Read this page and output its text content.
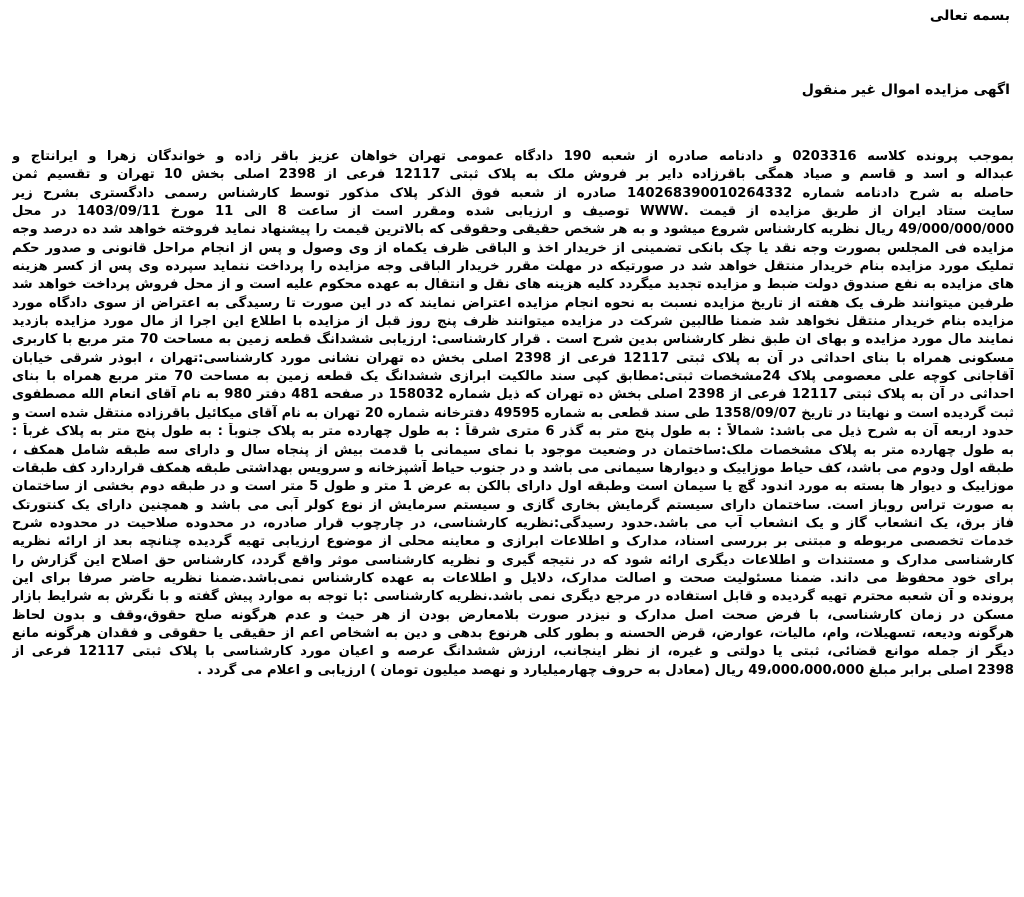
بسمه تعالی
اگهی مزایده اموال غیر منقول
بموجب پرونده کلاسه 0203316 و دادنامه صادره از شعبه 190 دادگاه عمومی تهران خواهان عزیز باقر زاده و خواندگان زهرا و ایرانتاج و
عبداله و اسد و قاسم و صیاد همگی باقرزاده دایر بر فروش ملک به پلاک ثبتی 12117 فرعی از 2398 اصلی بخش 10 تهران و تقسیم ثمن
حاصله به شرح دادنامه شماره 140268390010264332 صادره از شعبه فوق الذکر پلاک مذکور توسط کارشناس رسمی دادگستری بشرح زیر
سایت ستاد ایران از طریق مزایده از قیمت .WWW توصیف و ارزیابی شده ومقرر است از ساعت 8 الی 11 مورخ 1403/09/11 در محل
49/000/000/000 ریال نظریه کارشناس شروع میشود و به هر شخص حقیقی وحقوقی که بالاترین قیمت را پیشنهاد نماید فروخته خواهد شد ده درصد وجه
مزایده فی المجلس بصورت وجه نقد یا چک بانکی تضمینی از خریدار اخذ و الباقی ظرف یکماه از وی وصول و پس از انجام مراحل قانونی و صدور حکم
تملیک مورد مزایده بنام خریدار منتقل خواهد شد در صورتیکه در مهلت مقرر خریدار الباقی وجه مزایده را پرداخت ننماید سپرده وی پس از کسر هزینه
های مزایده به نفع صندوق دولت ضبط و مزایده تجدید میگردد کلیه هزینه های نقل و انتقال به عهده محکوم علیه است و از محل فروش پرداخت خواهد شد
طرفین میتوانند ظرف یک هفته از تاریخ مزایده نسبت به نحوه انجام مزایده اعتراض نمایند که در این صورت تا رسیدگی به اعتراض از سوی دادگاه مورد
مزایده بنام خریدار منتقل نخواهد شد ضمنا طالبین شرکت در مزایده میتوانند ظرف پنج روز قبل از مزایده با اطلاع این اجرا از مال مورد مزایده بازدید
نمایند مال مورد مزایده و بهای ان طبق نظر کارشناس بدین شرح است . قرار کارشناسی: ارزیابی ششدانگ قطعه زمین به مساحت 70 متر مربع با کاربری
مسکونی همراه با بنای احداثی در آن به پلاک ثبتی 12117 فرعی از 2398 اصلی بخش ده تهران نشانی مورد کارشناسی:تهران ، ابوذر شرقی خیابان
آقاجانی کوچه علی معصومی پلاک 24مشخصات ثبتی:مطابق کپی سند مالکیت ابرازی ششدانگ یک قطعه زمین به مساحت 70 متر مربع همراه با بنای
احداثی در آن به پلاک ثبتی 12117 فرعی از 2398 اصلی بخش ده تهران که ذیل شماره 158032 در صفحه 481 دفتر 980 به نام آقای انعام الله مصطفوی
ثبت گردیده است و نهایتا در تاریخ 1358/09/07 طی سند قطعی به شماره 49595 دفترخانه شماره 20 تهران به نام آقای میکائیل باقرزاده منتقل شده است و
حدود اربعه آن به شرح ذیل می باشد: شمالاً : به طول پنج متر به گذر 6 متری شرقاً : به طول چهارده متر به پلاک جنوباً : به طول پنج متر به پلاک غرباً :
به طول چهارده متر به پلاک مشخصات ملک:ساختمان در وضعیت موجود با نمای سیمانی با قدمت بیش از پنجاه سال و دارای سه طبقه شامل همکف ،
طبقه اول ودوم می باشد، کف حیاط موزاییک و دیوارها سیمانی می باشد و در جنوب حیاط آشپزخانه و سرویس بهداشتی طبقه همکف قراردارد کف طبقات
موزاییک و دیوار ها بسته به مورد اندود گچ یا سیمان است وطبقه اول دارای بالکن به عرض 1 متر و طول 5 متر است و در طبقه دوم بخشی از ساختمان
به صورت تراس روباز است. ساختمان دارای سیستم گرمایش بخاری گازی و سیستم سرمایش از نوع کولر آبی می باشد و همچنین دارای یک کنتورتک
فاز برق، یک انشعاب گاز و یک انشعاب آب می باشد.حدود رسیدگی:نظریه کارشناسی، در چارچوب قرار صادره، در محدوده صلاحیت در محدوده شرح
خدمات تخصصی مربوطه و مبتنی بر بررسی اسناد، مدارک و اطلاعات ابرازی و معاینه محلی از موضوع ارزیابی تهیه گردیده چنانچه بعد از ارائه نظریه
کارشناسی مدارک و مستندات و اطلاعات دیگری ارائه شود که در نتیجه گیری و نظریه کارشناسی موثر واقع گردد، کارشناس حق اصلاح این گزارش را
برای خود محفوظ می داند. ضمنا مسئولیت صحت و اصالت مدارک، دلایل و اطلاعات به عهده کارشناس نمی‌باشد.ضمنا نظریه حاضر صرفا برای این
پرونده و آن شعبه محترم تهیه گردیده و قابل استفاده در مرجع دیگری نمی باشد.نظریه کارشناسی :با توجه به موارد پیش گفته و با نگرش به شرایط بازار
مسکن در زمان کارشناسی، با فرض صحت اصل مدارک و نیزدر صورت بلامعارض بودن از هر حیث و عدم هرگونه صلح حقوق،وقف و بدون لحاظ
هرگونه ودیعه، تسهیلات، وام، مالیات، عوارض، قرض الحسنه و بطور کلی هرنوع بدهی و دین به اشخاص اعم از حقیقی یا حقوقی و فقدان هرگونه مانع
دیگر از جمله موانع قضائی، ثبتی یا دولتی و غیره، از نظر اینجانب، ارزش ششدانگ عرصه و اعیان مورد کارشناسی با پلاک ثبتی 12117 فرعی از
2398 اصلی برابر مبلغ 49،000،000،000 ریال (معادل به حروف چهارمیلیارد و نهصد میلیون تومان ) ارزیابی و اعلام می گردد .
